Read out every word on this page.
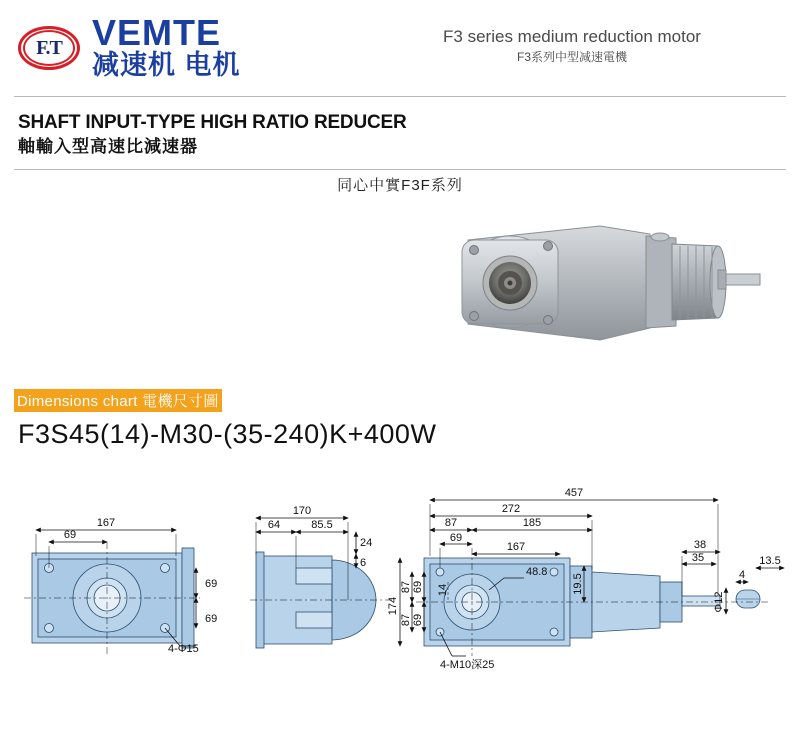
F.T VEMTE
减速机 电机
F3 series medium reduction motor
F3系列中型减速電機
SHAFT INPUT-TYPE HIGH RATIO REDUCER
軸輸入型高速比減速器
同心中實F3F系列
Dimensions chart 電機尺寸圖
F3S45(14)-M30-(35-240)K+400W
69
167
69
69
4-Φ15
170
64	85.5
24
6
457
272
87	185
69
167
174
87
87
69
69
14
48.8
19.5
38
35
Φ12
4
13.5
4-M10深25
